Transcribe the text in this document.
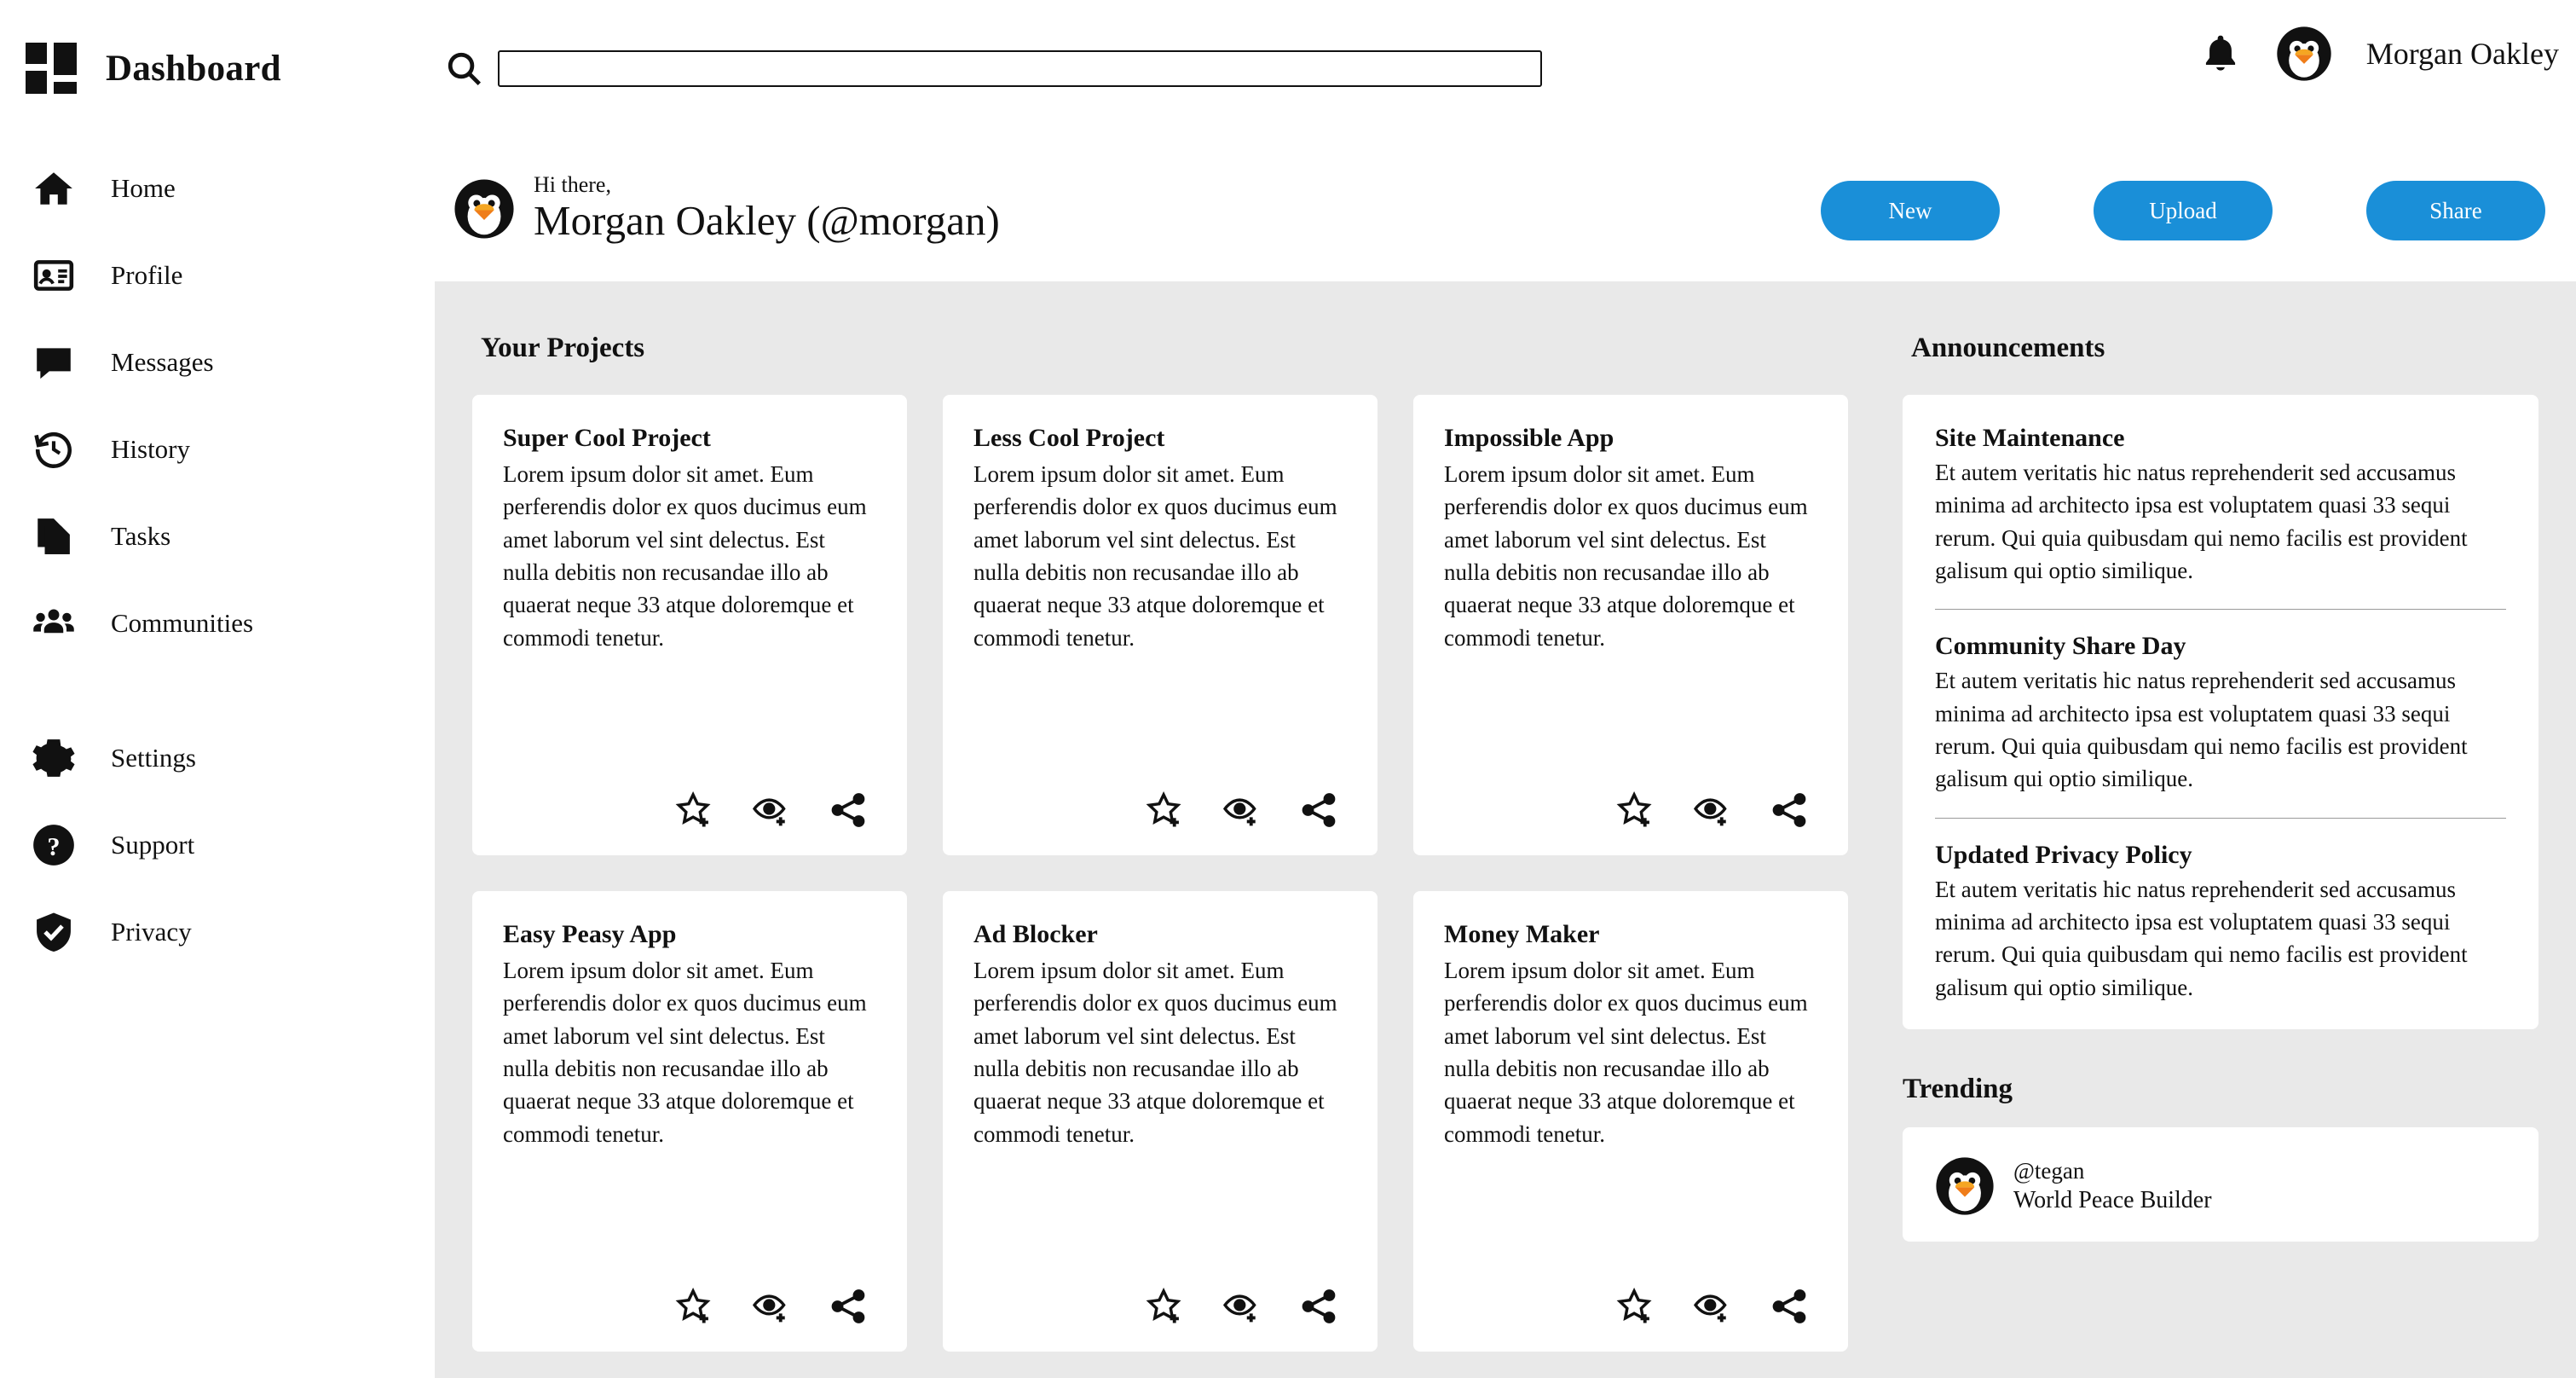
Dashboard
Home
Profile
Messages
History
Tasks
Communities
Settings
? Support
Privacy
Morgan Oakley
Hi there,
Morgan Oakley (@morgan)	New	Upload	Share
Your Projects
Super Cool Project
Lorem ipsum dolor sit amet. Eum perferendis dolor ex quos ducimus eum amet laborum vel sint delectus. Est nulla debitis non recusandae illo ab quaerat neque 33 atque doloremque et commodi tenetur.
Less Cool Project
Lorem ipsum dolor sit amet. Eum perferendis dolor ex quos ducimus eum amet laborum vel sint delectus. Est nulla debitis non recusandae illo ab quaerat neque 33 atque doloremque et commodi tenetur.
Impossible App
Lorem ipsum dolor sit amet. Eum perferendis dolor ex quos ducimus eum amet laborum vel sint delectus. Est nulla debitis non recusandae illo ab quaerat neque 33 atque doloremque et commodi tenetur.
Easy Peasy App
Lorem ipsum dolor sit amet. Eum perferendis dolor ex quos ducimus eum amet laborum vel sint delectus. Est nulla debitis non recusandae illo ab quaerat neque 33 atque doloremque et commodi tenetur.
Ad Blocker
Lorem ipsum dolor sit amet. Eum perferendis dolor ex quos ducimus eum amet laborum vel sint delectus. Est nulla debitis non recusandae illo ab quaerat neque 33 atque doloremque et commodi tenetur.
Money Maker
Lorem ipsum dolor sit amet. Eum perferendis dolor ex quos ducimus eum amet laborum vel sint delectus. Est nulla debitis non recusandae illo ab quaerat neque 33 atque doloremque et commodi tenetur.
Announcements
Site Maintenance
Et autem veritatis hic natus reprehenderit sed accusamus minima ad architecto ipsa est voluptatem quasi 33 sequi rerum. Qui quia quibusdam qui nemo facilis est provident galisum qui optio similique.
Community Share Day
Et autem veritatis hic natus reprehenderit sed accusamus minima ad architecto ipsa est voluptatem quasi 33 sequi rerum. Qui quia quibusdam qui nemo facilis est provident galisum qui optio similique.
Updated Privacy Policy
Et autem veritatis hic natus reprehenderit sed accusamus minima ad architecto ipsa est voluptatem quasi 33 sequi rerum. Qui quia quibusdam qui nemo facilis est provident galisum qui optio similique.
Trending
@tegan
World Peace Builder
